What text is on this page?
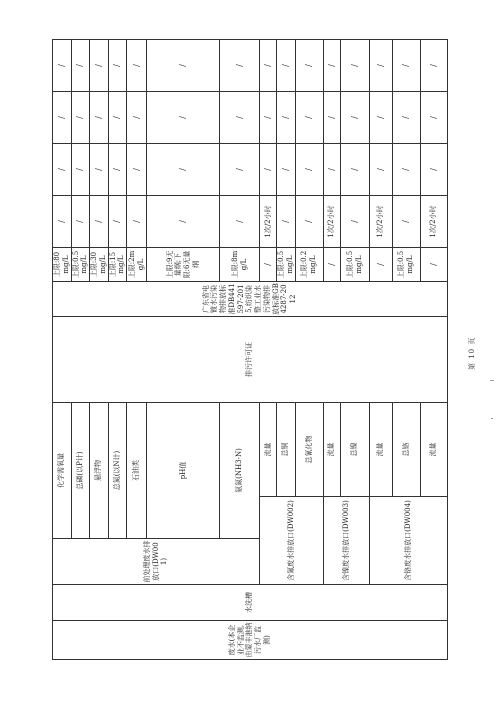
废水(本企业不监测,由蒙丰港纳污水厂监测)	水洗槽	前处理废水排放口(DW001)	化学需氧量		排污许可证	广东省电镀水污染物排放标准DB441597-2015,纺织染整工业水污染物排放标准GB 4287-2012	上限:80mg/L	/	/	/	/
			总磷(以P计)				上限:0.5mg/L	/	/	/	/
			悬浮物				上限:30mg/L	/	/	/	/
			总氮(以N计)				上限:15mg/L	/	/	/	/
			石油类				上限:2mg/L	/	/	/	/
			pH值				上限:9无量纲;下限:6无量纲	/	/	/	/
			氨氮(NH3-N)				上限:8mg/L	/	/	/	/
		含氰废水排放口(DW002)		流量			/	1次/2小时	/	/	/
				总铜			上限:0.5mg/L	/	/	/	/
				总氰化物			上限:0.2mg/L	/	/	/	/
		含镍废水排放口(DW003)		流量			/	1次/2小时	/	/	/
				总镍			上限:0.5mg/L	/	/	/	/
		含铬废水排放口(DW004)		流量			/	1次/2小时	/	/	/
				总铬			上限:0.5mg/L	/	/	/	/
				流量			/	1次/2小时	/	/	/
第 10 页
